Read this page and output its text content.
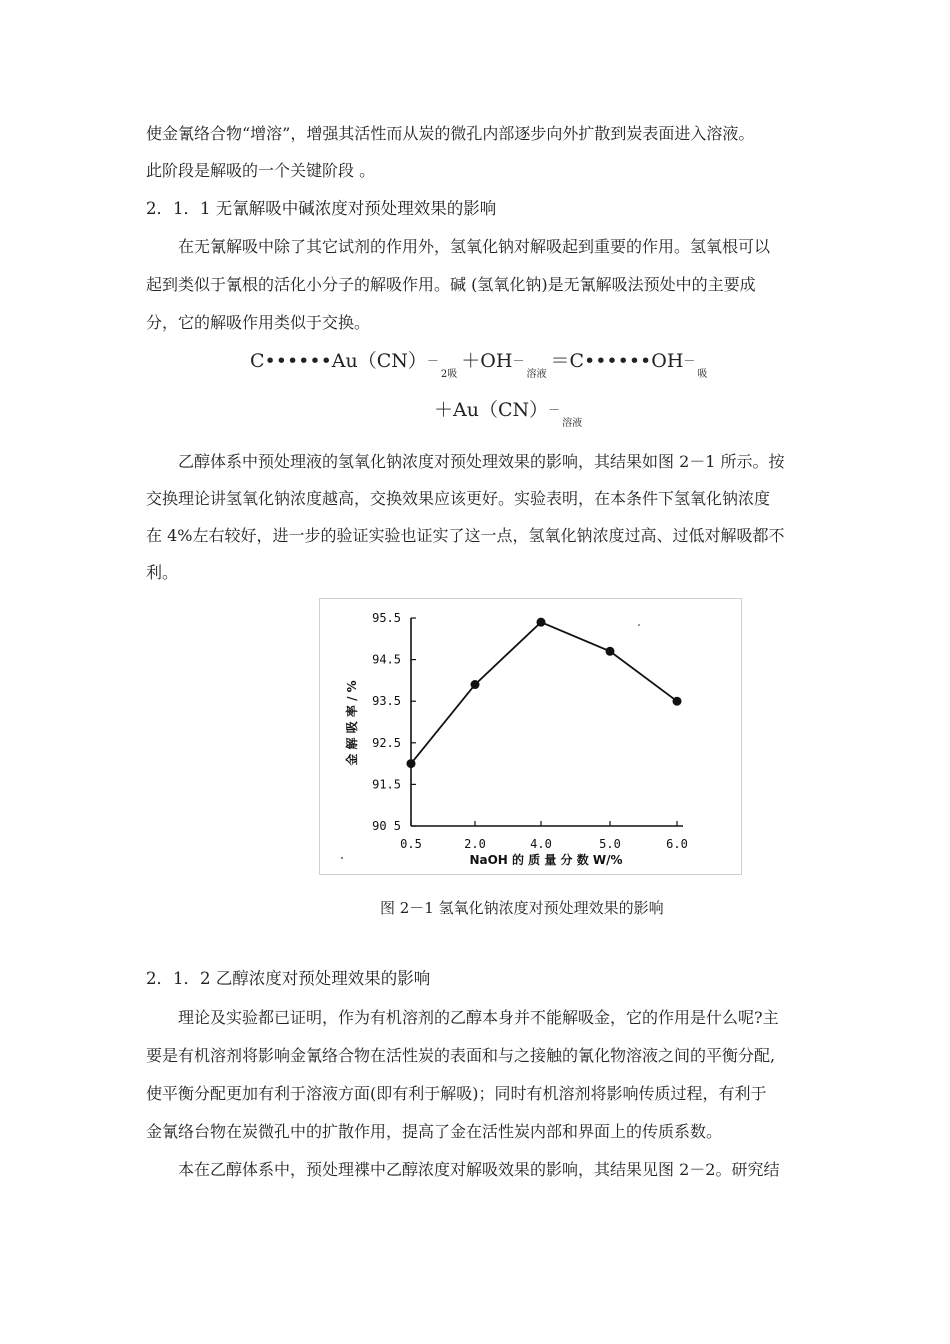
使金氰络合物“增溶”，增强其活性而从炭的微孔内部逐步向外扩散到炭表面进入溶液。
此阶段是解吸的一个关键阶段 。
2．1．1 无氰解吸中碱浓度对预处理效果的影响
在无氰解吸中除了其它试剂的作用外，氢氧化钠对解吸起到重要的作用。氢氧根可以
起到类似于氰根的活化小分子的解吸作用。碱 (氢氧化钠)是无氰解吸法预处中的主要成
分，它的解吸作用类似于交换。
$C••••••Au(CN)-_{2吸}+OH-_{溶液}=C••••••OH-_吸$
$+Au(CN)-_{溶液}$
乙醇体系中预处理液的氢氧化钠浓度对预处理效果的影响，其结果如图 2－1 所示。按
交换理论讲氢氧化钠浓度越高，交换效果应该更好。实验表明，在本条件下氢氧化钠浓度
在 4%左右较好，进一步的验证实验也证实了这一点，氢氧化钠浓度过高、过低对解吸都不
利。
90 5
91.5
92.5
93.5
94.5
95.5
0.5	2.0	4.0	5.0	6.0
NaOH 的 质 量 分 数 W/%
金 解 吸 率 / %
图 2－1 氢氧化钠浓度对预处理效果的影响
2．1．2 乙醇浓度对预处理效果的影响
理论及实验都已证明，作为有机溶剂的乙醇本身并不能解吸金，它的作用是什么呢?主
要是有机溶剂将影响金氰络合物在活性炭的表面和与之接触的氰化物溶液之间的平衡分配,
使平衡分配更加有利于溶液方面(即有利于解吸)；同时有机溶剂将影响传质过程，有利于
金氰络台物在炭微孔中的扩散作用，提高了金在活性炭内部和界面上的传质系数。
本在乙醇体系中，预处理褋中乙醇浓度对解吸效果的影响，其结果见图 2－2。研究结
